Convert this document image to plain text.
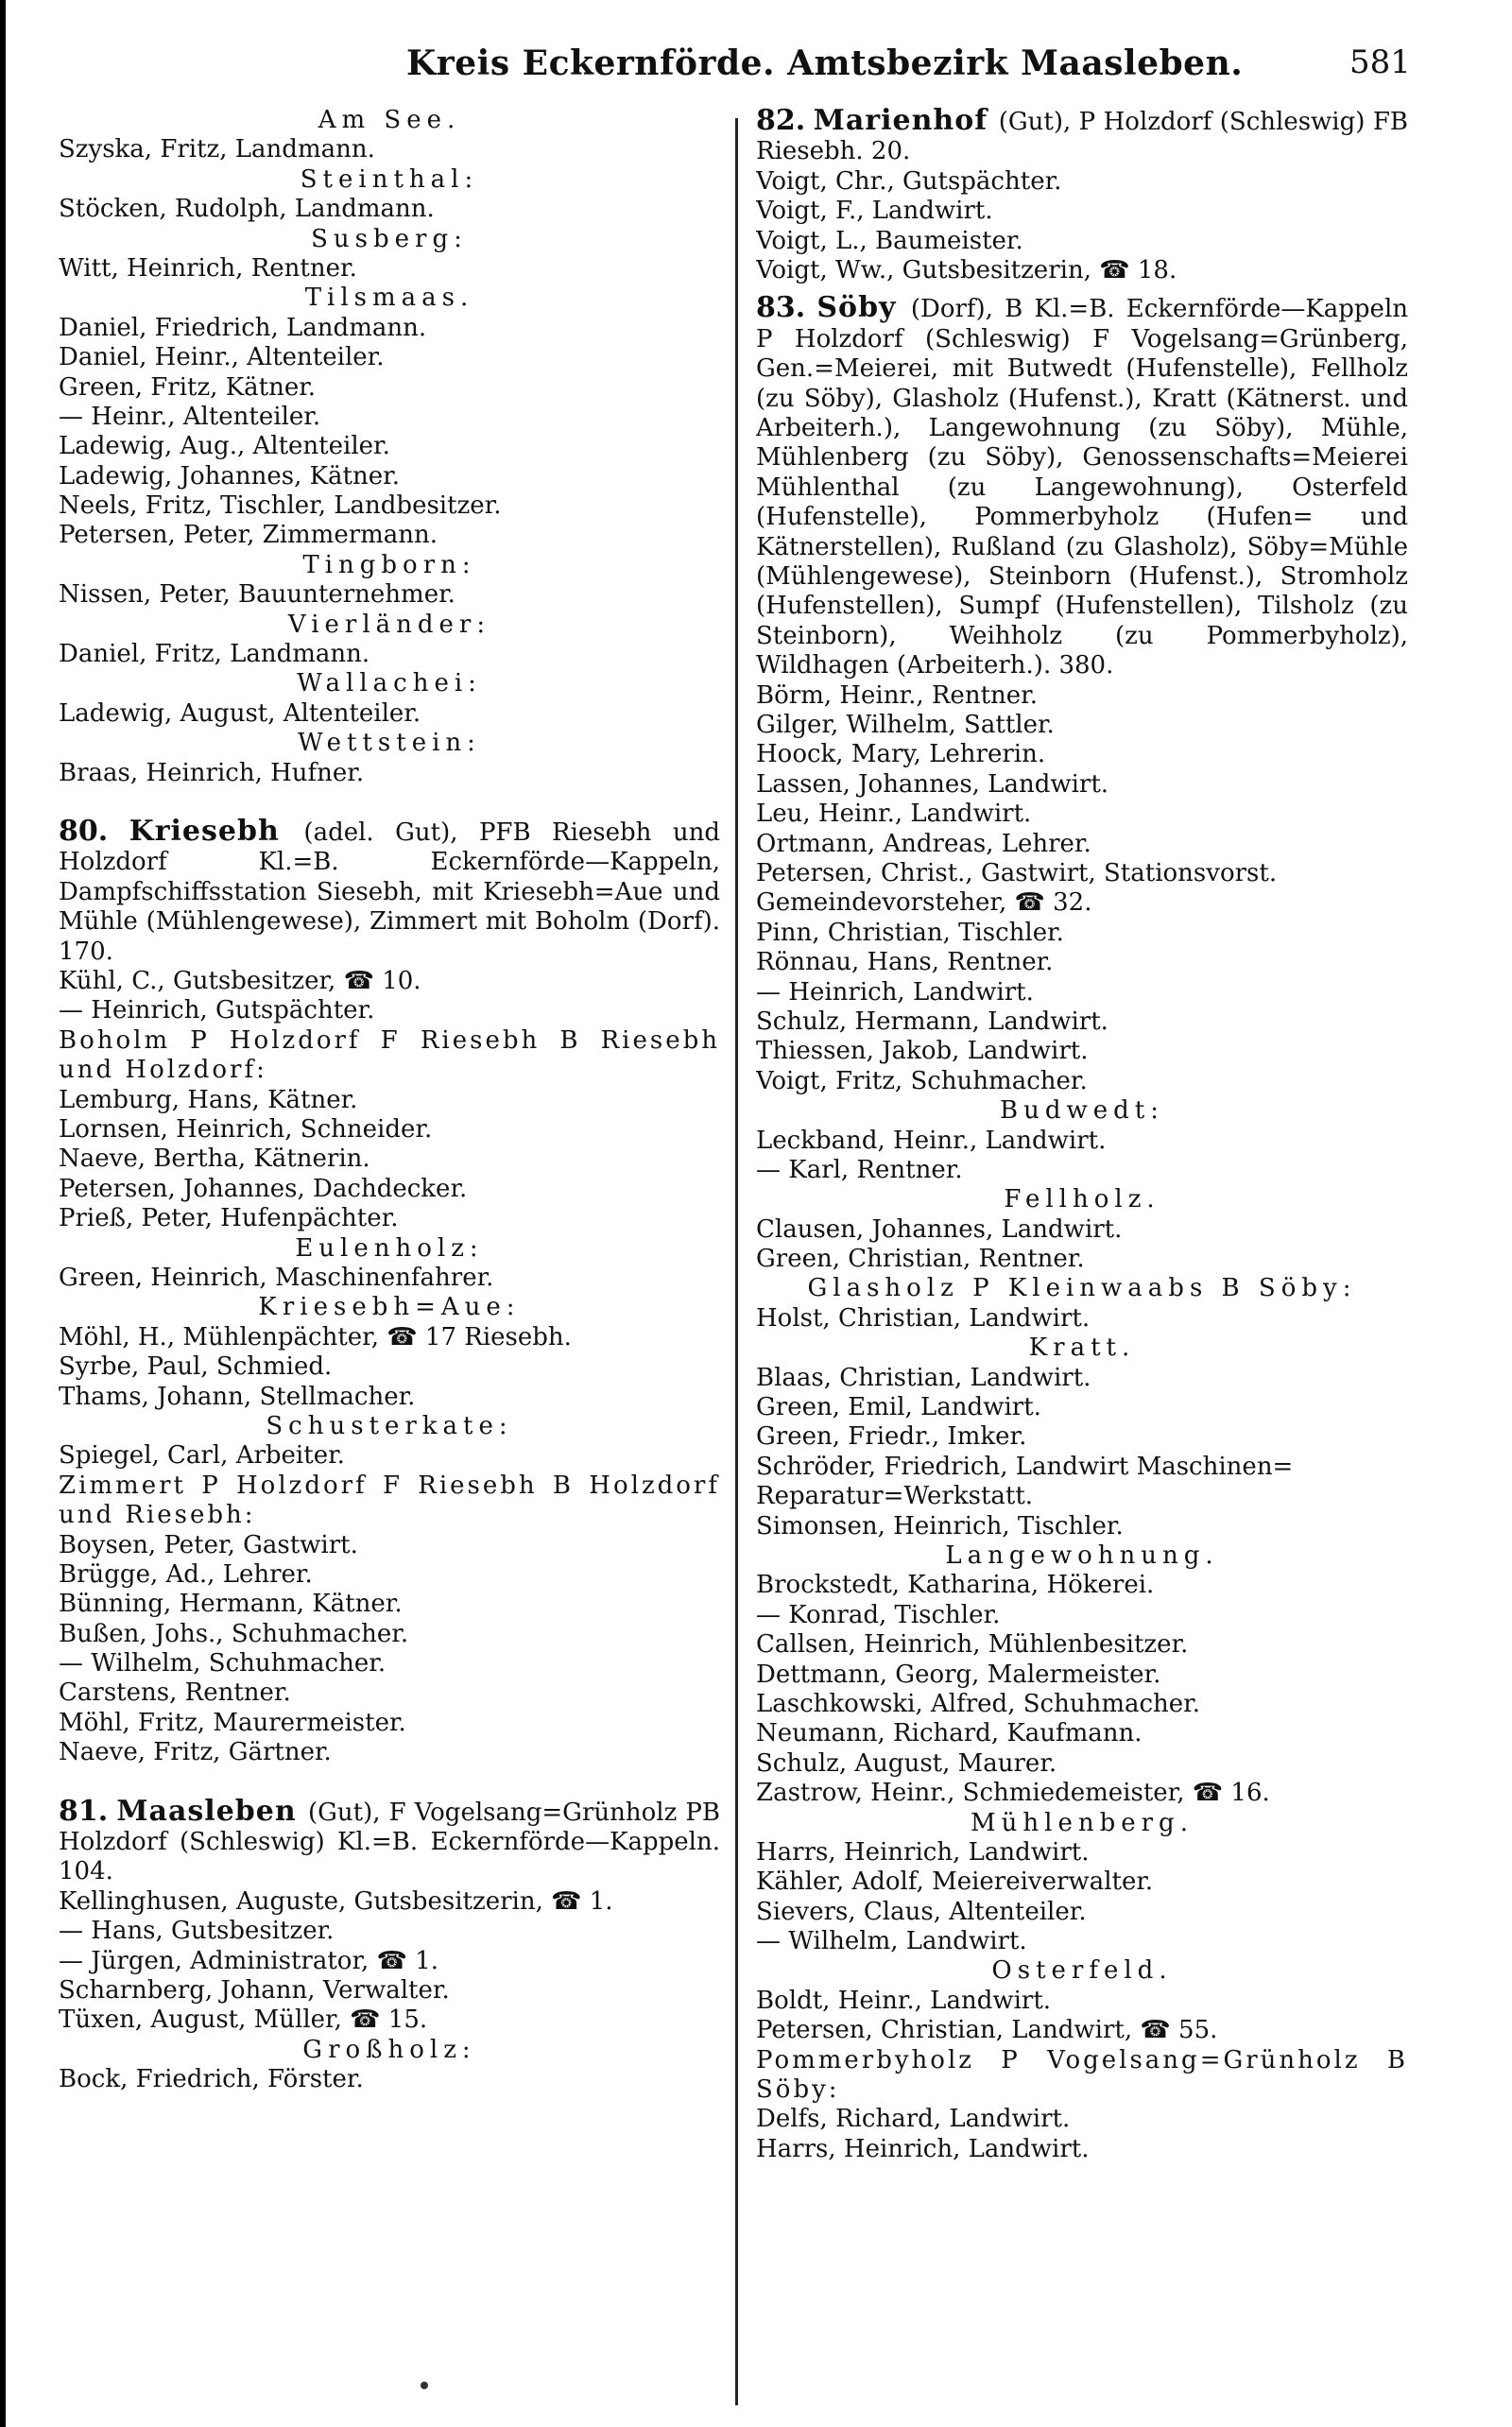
Kreis Eckernförde. Amtsbezirk Maasleben.	581
Am See.
Szyska, Fritz, Landmann.
Steinthal:
Stöcken, Rudolph, Landmann.
Susberg:
Witt, Heinrich, Rentner.
Tilsmaas.
Daniel, Friedrich, Landmann.
Daniel, Heinr., Altenteiler.
Green, Fritz, Kätner.
— Heinr., Altenteiler.
Ladewig, Aug., Altenteiler.
Ladewig, Johannes, Kätner.
Neels, Fritz, Tischler, Landbesitzer.
Petersen, Peter, Zimmermann.
Tingborn:
Nissen, Peter, Bauunternehmer.
Vierländer:
Daniel, Fritz, Landmann.
Wallachei:
Ladewig, August, Altenteiler.
Wettstein:
Braas, Heinrich, Hufner.
80. Kriesebh (adel. Gut), PFB Riesebh und Holzdorf Kl.=B. Eckernförde—Kappeln, Dampfschiffsstation Siesebh, mit Kriesebh=Aue und Mühle (Mühlengewese), Zimmert mit Boholm (Dorf). 170.
Kühl, C., Gutsbesitzer, ☎ 10.
— Heinrich, Gutspächter.
Boholm P Holzdorf F Riesebh B Riesebh und Holzdorf:
Lemburg, Hans, Kätner.
Lornsen, Heinrich, Schneider.
Naeve, Bertha, Kätnerin.
Petersen, Johannes, Dachdecker.
Prieß, Peter, Hufenpächter.
Eulenholz:
Green, Heinrich, Maschinenfahrer.
Kriesebh=Aue:
Möhl, H., Mühlenpächter, ☎ 17 Riesebh.
Syrbe, Paul, Schmied.
Thams, Johann, Stellmacher.
Schusterkate:
Spiegel, Carl, Arbeiter.
Zimmert P Holzdorf F Riesebh B Holzdorf und Riesebh:
Boysen, Peter, Gastwirt.
Brügge, Ad., Lehrer.
Bünning, Hermann, Kätner.
Bußen, Johs., Schuhmacher.
— Wilhelm, Schuhmacher.
Carstens, Rentner.
Möhl, Fritz, Maurermeister.
Naeve, Fritz, Gärtner.
81. Maasleben (Gut), F Vogelsang=Grünholz PB Holzdorf (Schleswig) Kl.=B. Eckernförde—Kappeln. 104.
Kellinghusen, Auguste, Gutsbesitzerin, ☎ 1.
— Hans, Gutsbesitzer.
— Jürgen, Administrator, ☎ 1.
Scharnberg, Johann, Verwalter.
Tüxen, August, Müller, ☎ 15.
Großholz:
Bock, Friedrich, Förster.
82. Marienhof (Gut), P Holzdorf (Schleswig) FB Riesebh. 20.
Voigt, Chr., Gutspächter.
Voigt, F., Landwirt.
Voigt, L., Baumeister.
Voigt, Ww., Gutsbesitzerin, ☎ 18.
83. Söby (Dorf), B Kl.=B. Eckernförde—Kappeln P Holzdorf (Schleswig) F Vogelsang=Grünberg, Gen.=Meierei, mit Butwedt (Hufenstelle), Fellholz (zu Söby), Glasholz (Hufenst.), Kratt (Kätnerst. und Arbeiterh.), Langewohnung (zu Söby), Mühle, Mühlenberg (zu Söby), Genossenschafts=Meierei Mühlenthal (zu Langewohnung), Osterfeld (Hufenstelle), Pommerbyholz (Hufen= und Kätnerstellen), Rußland (zu Glasholz), Söby=Mühle (Mühlengewese), Steinborn (Hufenst.), Stromholz (Hufenstellen), Sumpf (Hufenstellen), Tilsholz (zu Steinborn), Weihholz (zu Pommerbyholz), Wildhagen (Arbeiterh.). 380.
Börm, Heinr., Rentner.
Gilger, Wilhelm, Sattler.
Hoock, Mary, Lehrerin.
Lassen, Johannes, Landwirt.
Leu, Heinr., Landwirt.
Ortmann, Andreas, Lehrer.
Petersen, Christ., Gastwirt, Stationsvorst.
Gemeindevorsteher, ☎ 32.
Pinn, Christian, Tischler.
Rönnau, Hans, Rentner.
— Heinrich, Landwirt.
Schulz, Hermann, Landwirt.
Thiessen, Jakob, Landwirt.
Voigt, Fritz, Schuhmacher.
Budwedt:
Leckband, Heinr., Landwirt.
— Karl, Rentner.
Fellholz.
Clausen, Johannes, Landwirt.
Green, Christian, Rentner.
Glasholz P Kleinwaabs B Söby:
Holst, Christian, Landwirt.
Kratt.
Blaas, Christian, Landwirt.
Green, Emil, Landwirt.
Green, Friedr., Imker.
Schröder, Friedrich, Landwirt Maschinen=
Reparatur=Werkstatt.
Simonsen, Heinrich, Tischler.
Langewohnung.
Brockstedt, Katharina, Hökerei.
— Konrad, Tischler.
Callsen, Heinrich, Mühlenbesitzer.
Dettmann, Georg, Malermeister.
Laschkowski, Alfred, Schuhmacher.
Neumann, Richard, Kaufmann.
Schulz, August, Maurer.
Zastrow, Heinr., Schmiedemeister, ☎ 16.
Mühlenberg.
Harrs, Heinrich, Landwirt.
Kähler, Adolf, Meiereiverwalter.
Sievers, Claus, Altenteiler.
— Wilhelm, Landwirt.
Osterfeld.
Boldt, Heinr., Landwirt.
Petersen, Christian, Landwirt, ☎ 55.
Pommerbyholz P Vogelsang=Grünholz B Söby:
Delfs, Richard, Landwirt.
Harrs, Heinrich, Landwirt.
